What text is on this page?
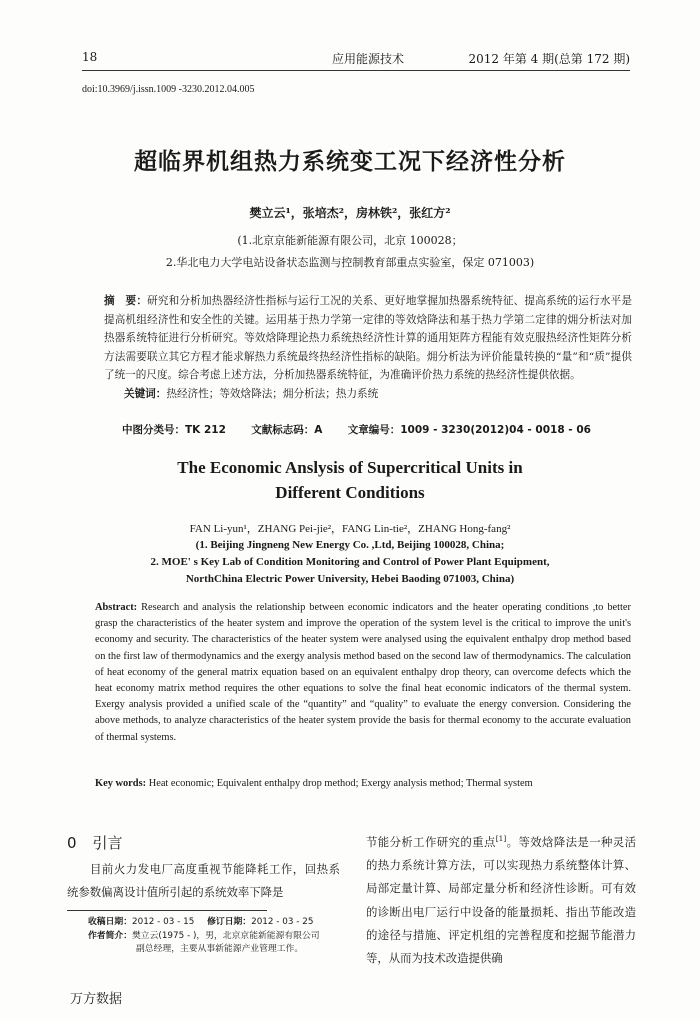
18	应用能源技术	2012 年第 4 期(总第 172 期)
doi:10.3969/j.issn.1009 -3230.2012.04.005
超临界机组热力系统变工况下经济性分析
樊立云¹，张培杰²，房林铁²，张红方²
(1.北京京能新能源有限公司，北京 100028；
2.华北电力大学电站设备状态监测与控制教育部重点实验室，保定 071003)
摘　要：研究和分析加热器经济性指标与运行工况的关系、更好地掌握加热器系统特征、提高系统的运行水平是提高机组经济性和安全性的关键。运用基于热力学第一定律的等效焓降法和基于热力学第二定律的㶲分析法对加热器系统特征进行分析研究。等效焓降理论热力系统热经济性计算的通用矩阵方程能有效克服热经济性矩阵分析方法需要联立其它方程才能求解热力系统最终热经济性指标的缺陷。㶲分析法为评价能量转换的“量”和“质”提供了统一的尺度。综合考虑上述方法，分析加热器系统特征，为准确评价热力系统的热经济性提供依据。
关键词：热经济性；等效焓降法；㶲分析法；热力系统
中图分类号：TK 212 文献标志码：A 文章编号：1009 - 3230(2012)04 - 0018 - 06
The Economic Anslysis of Supercritical Units in
Different Conditions
FAN Li-yun¹，ZHANG Pei-jie²，FANG Lin-tie²，ZHANG Hong-fang²
(1. Beijing Jingneng New Energy Co. ,Ltd, Beijing 100028, China;
2. MOE' s Key Lab of Condition Monitoring and Control of Power Plant Equipment,
NorthChina Electric Power University, Hebei Baoding 071003, China)
Abstract: Research and analysis the relationship between economic indicators and the heater operating conditions ,to better grasp the characteristics of the heater system and improve the operation of the system level is the critical to improve the unit's economy and security. The characteristics of the heater system were analysed using the equivalent enthalpy drop method based on the first law of thermodynamics and the exergy analysis method based on the second law of thermodynamics. The calculation of heat economy of the general matrix equation based on an equivalent enthalpy drop theory, can overcome defects which the heat economy matrix method requires the other equations to solve the final heat economic indicators of the thermal system. Exergy analysis provided a unified scale of the “quantity” and “quality” to evaluate the energy conversion. Considering the above methods, to analyze characteristics of the heater system provide the basis for thermal economy to the accurate evaluation of thermal systems.
Key words: Heat economic; Equivalent enthalpy drop method; Exergy analysis method; Thermal system
0 引言

目前火力发电厂高度重视节能降耗工作，回热系统参数偏离设计值所引起的系统效率下降是

收稿日期：2012 - 03 - 15 修订日期：2012 - 03 - 25
作者简介：樊立云(1975 - )，男，北京京能新能源有限公司
副总经理，主要从事新能源产业管理工作。

节能分析工作研究的重点[1]。等效焓降法是一种灵活的热力系统计算方法，可以实现热力系统整体计算、局部定量计算、局部定量分析和经济性诊断。可有效的诊断出电厂运行中设备的能量损耗、指出节能改造的途径与措施、评定机组的完善程度和挖掘节能潜力等，从而为技术改造提供确

万方数据
